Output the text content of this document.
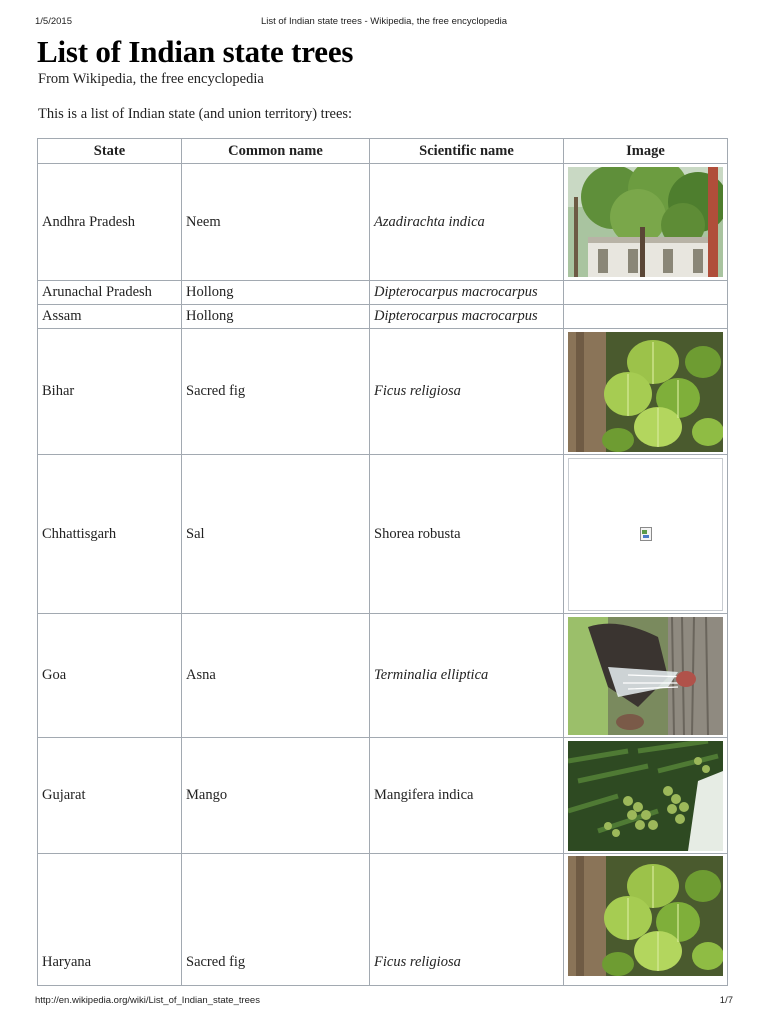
1/5/2015	List of Indian state trees - Wikipedia, the free encyclopedia
List of Indian state trees
From Wikipedia, the free encyclopedia
This is a list of Indian state (and union territory) trees:
State	Common name	Scientific name	Image
Andhra Pradesh	Neem	Azadirachta indica	

Arunachal Pradesh	Hollong	Dipterocarpus macrocarpus	
Assam	Hollong	Dipterocarpus macrocarpus	
Bihar	Sacred fig	Ficus religiosa	

Chhattisgarh	Sal	Shorea robusta	

Goa	Asna	Terminalia elliptica	

Gujarat	Mango	Mangifera indica	

Haryana	Sacred fig	Ficus religiosa	
http://en.wikipedia.org/wiki/List_of_Indian_state_trees	1/7
